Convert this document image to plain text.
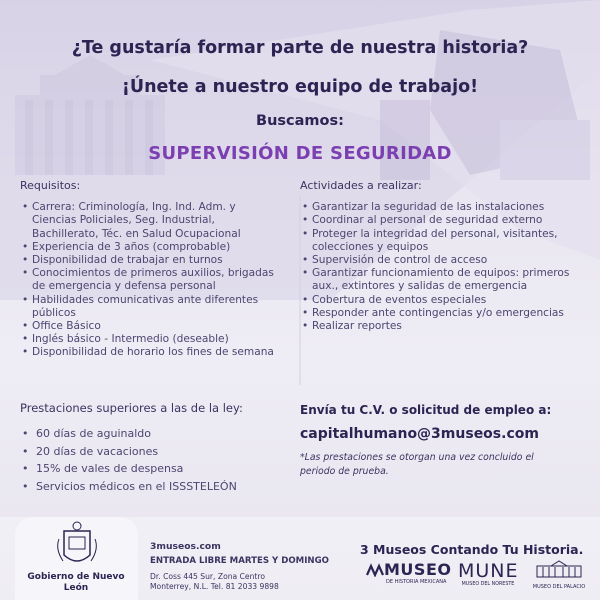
¿Te gustaría formar parte de nuestra historia?
¡Únete a nuestro equipo de trabajo!
Buscamos:
SUPERVISIÓN DE SEGURIDAD
Requisitos:
• Carrera: Criminología, Ing. Ind. Adm. y Ciencias Policiales, Seg. Industrial, Bachillerato, Téc. en Salud Ocupacional
• Experiencia de 3 años (comprobable)
• Disponibilidad de trabajar en turnos
• Conocimientos de primeros auxilios, brigadas de emergencia y defensa personal
• Habilidades comunicativas ante diferentes públicos
• Office Básico
• Inglés básico - Intermedio (deseable)
• Disponibilidad de horario los fines de semana
Actividades a realizar:
• Garantizar la seguridad de las instalaciones
• Coordinar al personal de seguridad externo
• Proteger la integridad del personal, visitantes, colecciones y equipos
• Supervisión de control de acceso
• Garantizar funcionamiento de equipos: primeros aux., extintores y salidas de emergencia
• Cobertura de eventos especiales
• Responder ante contingencias y/o emergencias
• Realizar reportes
Prestaciones superiores a las de la ley:
• 60 días de aguinaldo
• 20 días de vacaciones
• 15% de vales de despensa
• Servicios médicos en el ISSSTELEÓN
Envía tu C.V. o solicitud de empleo a:
capitalhumano@3museos.com
*Las prestaciones se otorgan una vez concluido el periodo de prueba.
Gobierno de Nuevo León
3museos.com
ENTRADA LIBRE MARTES Y DOMINGO
Dr. Coss 445 Sur, Zona Centro
Monterrey, N.L. Tel. 81 2033 9898
3 Museos Contando Tu Historia.
MUSEO
DE HISTORIA MEXICANA MUNE
MUSEO DEL NORESTE	MUSEO DEL PALACIO
